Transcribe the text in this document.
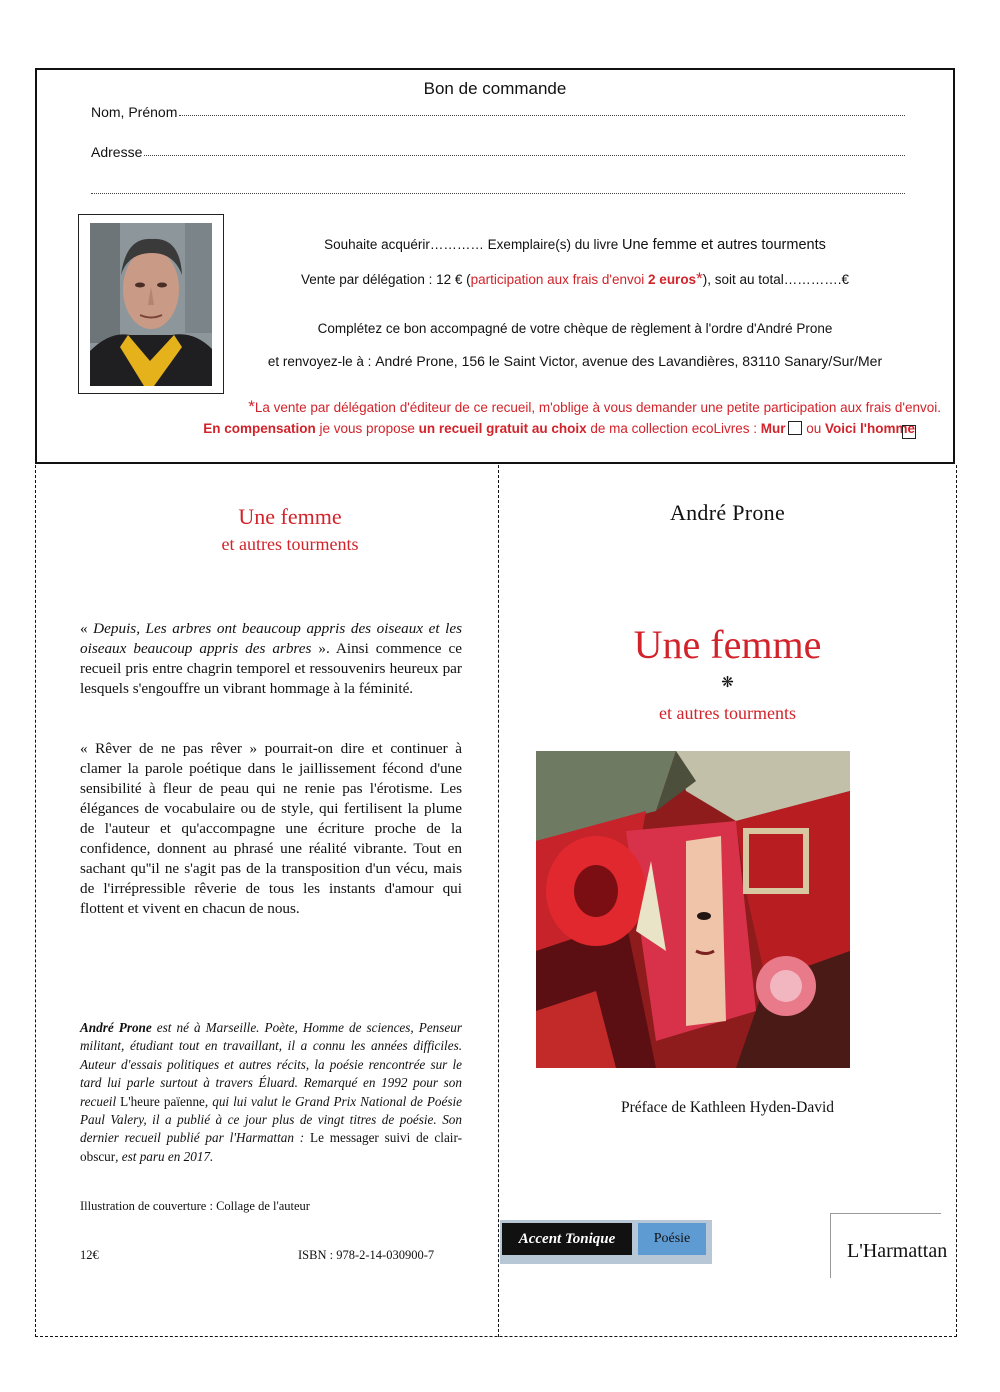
Bon de commande
Nom, Prénom
Adresse
Souhaite acquérir………… Exemplaire(s) du livre Une femme et autres tourments
Vente par délégation : 12 € (participation aux frais d'envoi 2 euros*), soit au total………….€
Complétez ce bon accompagné de votre chèque de règlement à l'ordre d'André Prone
et renvoyez-le à : André Prone, 156 le Saint Victor, avenue des Lavandières, 83110 Sanary/Sur/Mer
*La vente par délégation d'éditeur de ce recueil, m'oblige à vous demander une petite participation aux frais d'envoi.
En compensation je vous propose un recueil gratuit au choix de ma collection ecoLivres : Mur ou Voici l'homme
Une femme
et autres tourments
« Depuis, Les arbres ont beaucoup appris des oiseaux et les oiseaux beaucoup appris des arbres ». Ainsi commence ce recueil pris entre chagrin temporel et ressouvenirs heureux par lesquels s'engouffre un vibrant hommage à la féminité.
« Rêver de ne pas rêver » pourrait-on dire et continuer à clamer la parole poétique dans le jaillissement fécond d'une sensibilité à fleur de peau qui ne renie pas l'érotisme. Les élégances de vocabulaire ou de style, qui fertilisent la plume de l'auteur et qu'accompagne une écriture proche de la confidence, donnent au phrasé une réalité vibrante. Tout en sachant qu''il ne s'agit pas de la transposition d'un vécu, mais de l'irrépressible rêverie de tous les instants d'amour qui flottent et vivent en chacun de nous.
André Prone est né à Marseille. Poète, Homme de sciences, Penseur militant, étudiant tout en travaillant, il a connu les années difficiles. Auteur d'essais politiques et autres récits, la poésie rencontrée sur le tard lui parle surtout à travers Éluard. Remarqué en 1992 pour son recueil L'heure païenne, qui lui valut le Grand Prix National de Poésie Paul Valery, il a publié à ce jour plus de vingt titres de poésie. Son dernier recueil publié par l'Harmattan : Le messager suivi de clair-obscur, est paru en 2017.
Illustration de couverture : Collage de l'auteur
12€	ISBN : 978-2-14-030900-7
André Prone
Une femme
❋
et autres tourments
Préface de Kathleen Hyden-David
Accent Tonique	Poésie
L'Harmattan
